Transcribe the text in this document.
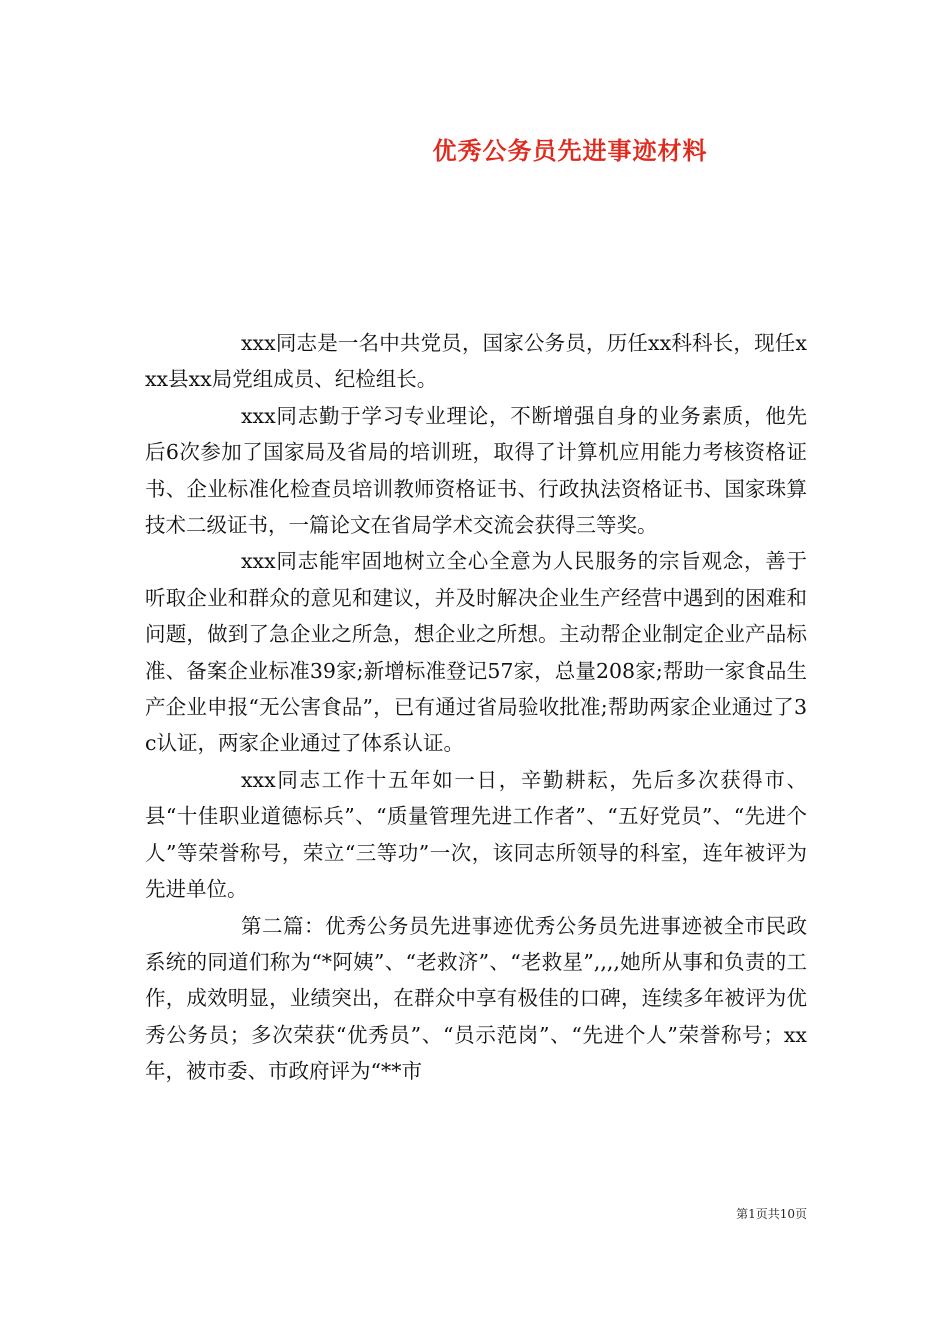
优秀公务员先进事迹材料

xxx同志是一名中共党员，国家公务员，历任xx科科长，现任xxx县xx局党组成员、纪检组长。

xxx同志勤于学习专业理论，不断增强自身的业务素质，他先后6次参加了国家局及省局的培训班，取得了计算机应用能力考核资格证书、企业标准化检查员培训教师资格证书、行政执法资格证书、国家珠算技术二级证书，一篇论文在省局学术交流会获得三等奖。

xxx同志能牢固地树立全心全意为人民服务的宗旨观念，善于听取企业和群众的意见和建议，并及时解决企业生产经营中遇到的困难和问题，做到了急企业之所急，想企业之所想。主动帮企业制定企业产品标准、备案企业标准39家;新增标准登记57家，总量208家;帮助一家食品生产企业申报“无公害食品”，已有通过省局验收批准;帮助两家企业通过了3c认证，两家企业通过了体系认证。

xxx同志工作十五年如一日，辛勤耕耘，先后多次获得市、县“十佳职业道德标兵”、“质量管理先进工作者”、“五好党员”、“先进个人”等荣誉称号，荣立“三等功”一次，该同志所领导的科室，连年被评为先进单位。

第二篇：优秀公务员先进事迹优秀公务员先进事迹被全市民政系统的同道们称为“*阿姨”、“老救济”、“老救星”,,,,她所从事和负责的工作，成效明显，业绩突出，在群众中享有极佳的口碑，连续多年被评为优秀公务员；多次荣获“优秀员”、“员示范岗”、“先进个人”荣誉称号；xx年，被市委、市政府评为“**市

第1页共10页
